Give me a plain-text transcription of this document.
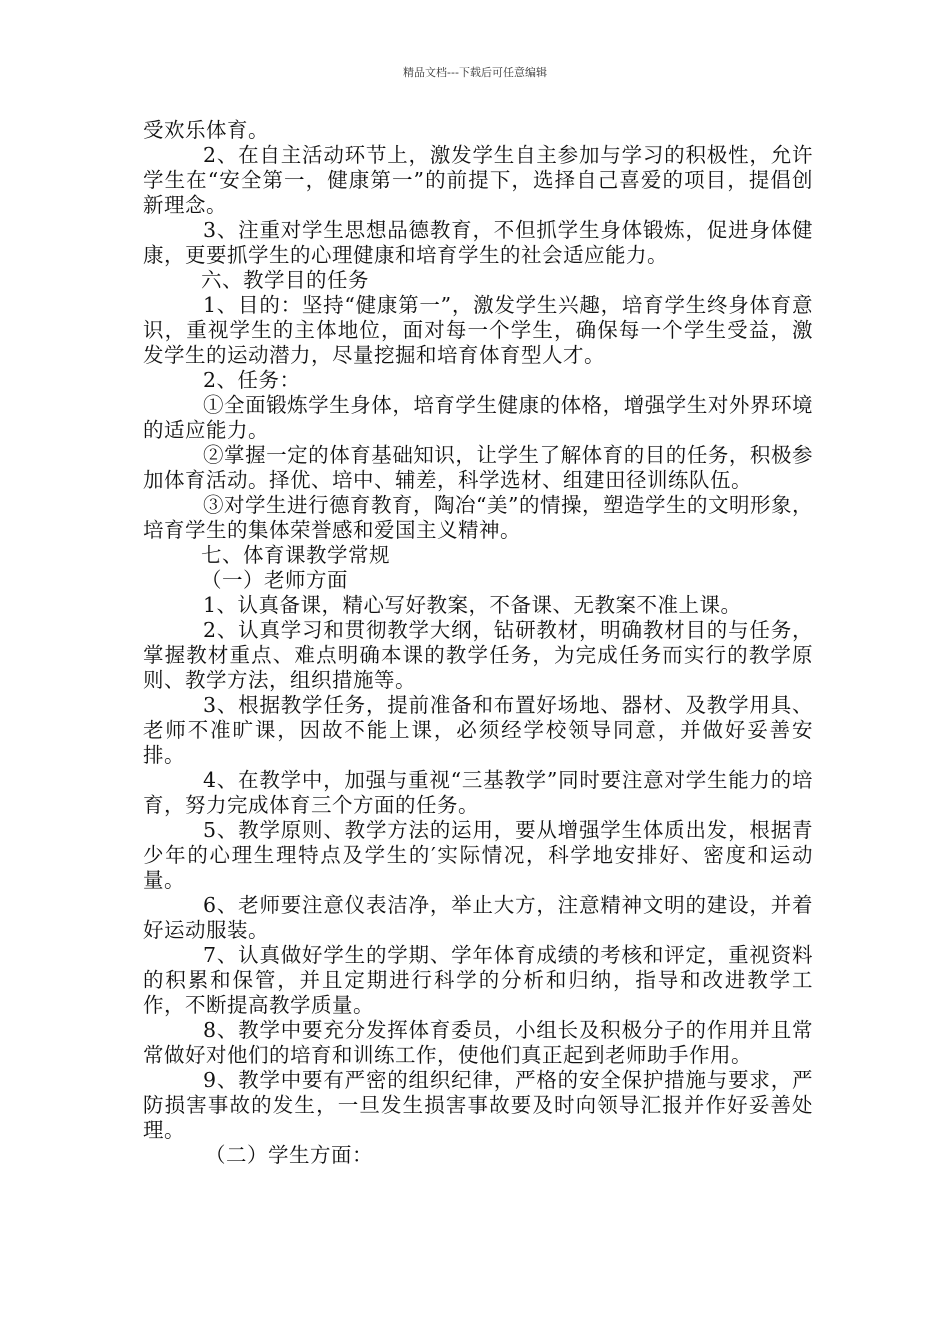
精品文档---下载后可任意编辑

受欢乐体育。

2、在自主活动环节上，激发学生自主参加与学习的积极性，允许学生在“安全第一，健康第一”的前提下，选择自己喜爱的项目，提倡创新理念。

3、注重对学生思想品德教育，不但抓学生身体锻炼，促进身体健康，更要抓学生的心理健康和培育学生的社会适应能力。

六、教学目的任务

1、目的：坚持“健康第一”，激发学生兴趣，培育学生终身体育意识，重视学生的主体地位，面对每一个学生，确保每一个学生受益，激发学生的运动潜力，尽量挖掘和培育体育型人才。

2、任务：

①全面锻炼学生身体，培育学生健康的体格，增强学生对外界环境的适应能力。

②掌握一定的体育基础知识，让学生了解体育的目的任务，积极参加体育活动。择优、培中、辅差，科学选材、组建田径训练队伍。

③对学生进行德育教育，陶冶“美”的情操，塑造学生的文明形象，培育学生的集体荣誉感和爱国主义精神。

七、体育课教学常规

（一）老师方面

1、认真备课，精心写好教案，不备课、无教案不准上课。

2、认真学习和贯彻教学大纲，钻研教材，明确教材目的与任务，掌握教材重点、难点明确本课的教学任务，为完成任务而实行的教学原则、教学方法，组织措施等。

3、根据教学任务，提前准备和布置好场地、器材、及教学用具、老师不准旷课，因故不能上课，必须经学校领导同意，并做好妥善安排。

4、在教学中，加强与重视“三基教学”同时要注意对学生能力的培育，努力完成体育三个方面的任务。

5、教学原则、教学方法的运用，要从增强学生体质出发，根据青少年的心理生理特点及学生的′实际情况，科学地安排好、密度和运动量。

6、老师要注意仪表洁净，举止大方，注意精神文明的建设，并着好运动服装。

7、认真做好学生的学期、学年体育成绩的考核和评定，重视资料的积累和保管，并且定期进行科学的分析和归纳，指导和改进教学工作，不断提高教学质量。

8、教学中要充分发挥体育委员，小组长及积极分子的作用并且常常做好对他们的培育和训练工作，使他们真正起到老师助手作用。

9、教学中要有严密的组织纪律，严格的安全保护措施与要求，严防损害事故的发生，一旦发生损害事故要及时向领导汇报并作好妥善处理。

（二）学生方面：
